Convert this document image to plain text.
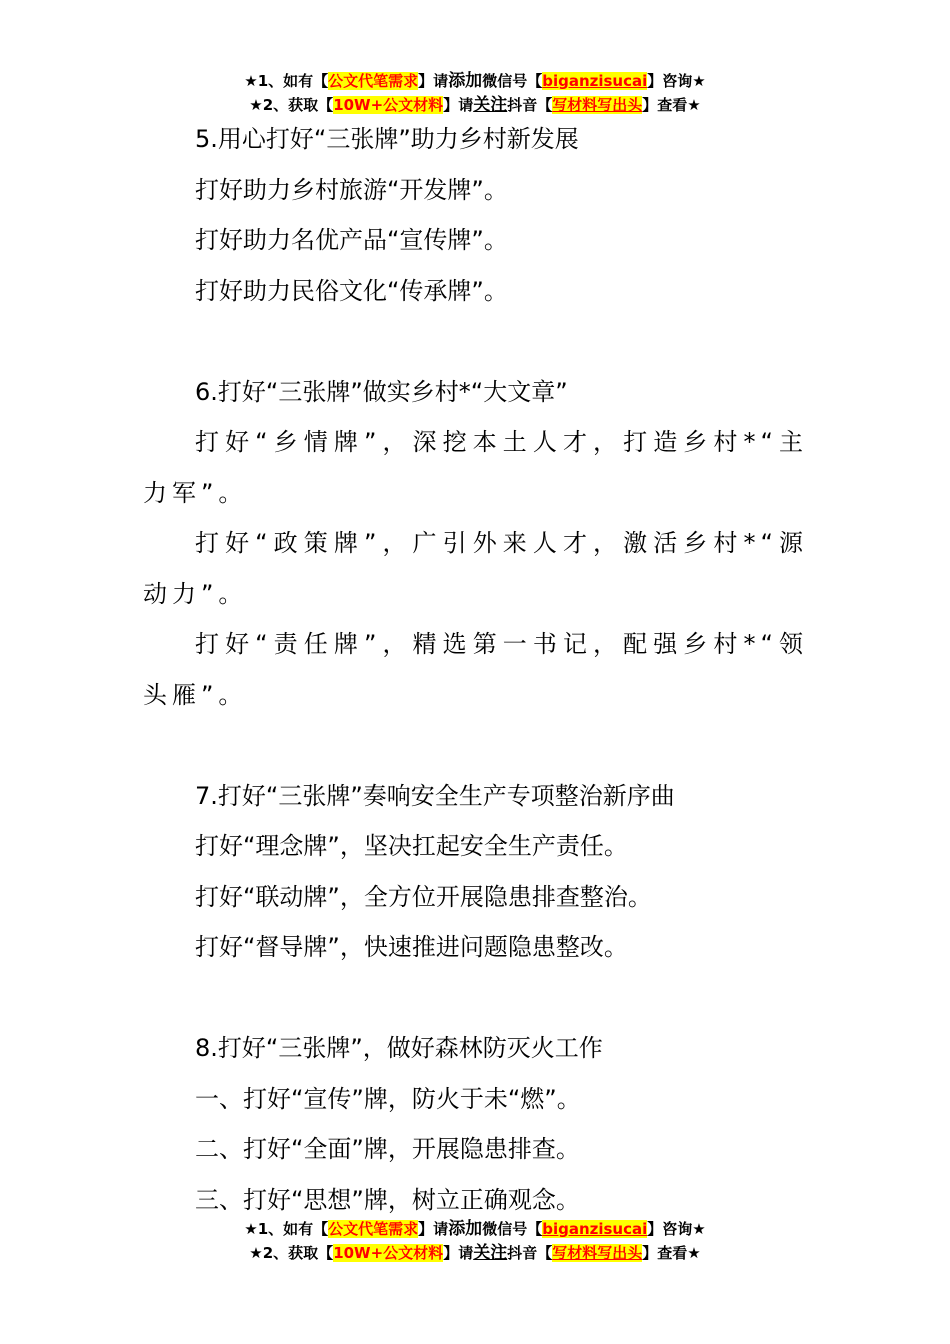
★1、如有【公文代笔需求】请添加微信号【biganzisucai】咨询★
★2、获取【10W+公文材料】请关注抖音【写材料写出头】查看★

5.用心打好“三张牌”助力乡村新发展

打好助力乡村旅游“开发牌”。

打好助力名优产品“宣传牌”。

打好助力民俗文化“传承牌”。

6.打好“三张牌”做实乡村*“大文章”

打好“乡情牌”，深挖本土人才，打造乡村*“主力军”。

打好“政策牌”，广引外来人才，激活乡村*“源动力”。

打好“责任牌”，精选第一书记，配强乡村*“领头雁”。

7.打好“三张牌”奏响安全生产专项整治新序曲

打好“理念牌”，坚决扛起安全生产责任。

打好“联动牌”，全方位开展隐患排查整治。

打好“督导牌”，快速推进问题隐患整改。

8.打好“三张牌”，做好森林防灭火工作

一、打好“宣传”牌，防火于未“燃”。

二、打好“全面”牌，开展隐患排查。

三、打好“思想”牌，树立正确观念。

★1、如有【公文代笔需求】请添加微信号【biganzisucai】咨询★
★2、获取【10W+公文材料】请关注抖音【写材料写出头】查看★
